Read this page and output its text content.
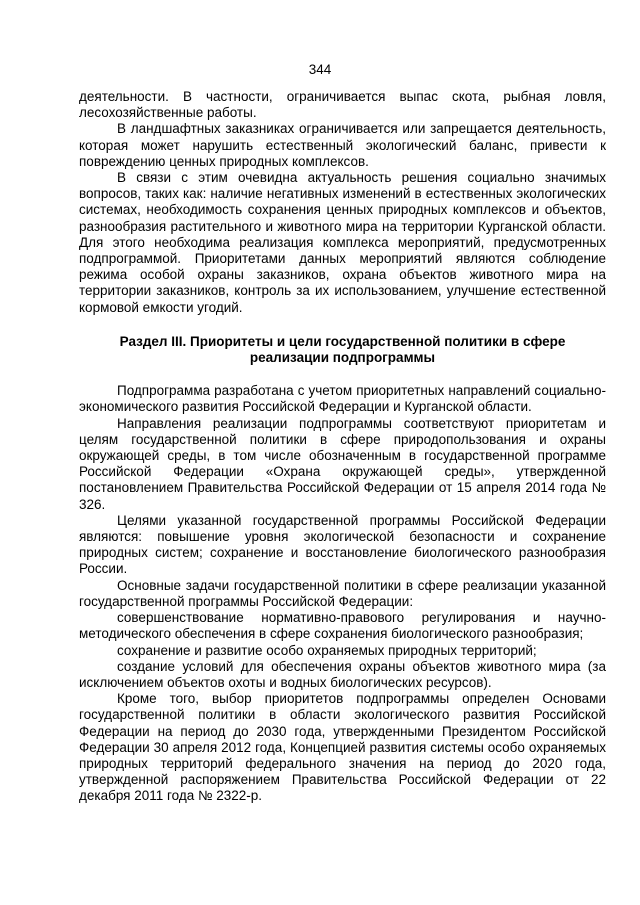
344

деятельности. В частности, ограничивается выпас скота, рыбная ловля, лесохозяйственные работы.

В ландшафтных заказниках ограничивается или запрещается деятельность, которая может нарушить естественный экологический баланс, привести к повреждению ценных природных комплексов.

В связи с этим очевидна актуальность решения социально значимых вопросов, таких как: наличие негативных изменений в естественных экологических системах, необходимость сохранения ценных природных комплексов и объектов, разнообразия растительного и животного мира на территории Курганской области. Для этого необходима реализация комплекса мероприятий, предусмотренных подпрограммой. Приоритетами данных мероприятий являются соблюдение режима особой охраны заказников, охрана объектов животного мира на территории заказников, контроль за их использованием, улучшение естественной кормовой емкости угодий.

Раздел III. Приоритеты и цели государственной политики в сфере реализации подпрограммы

Подпрограмма разработана с учетом приоритетных направлений социально-экономического развития Российской Федерации и Курганской области.

Направления реализации подпрограммы соответствуют приоритетам и целям государственной политики в сфере природопользования и охраны окружающей среды, в том числе обозначенным в государственной программе Российской Федерации «Охрана окружающей среды», утвержденной постановлением Правительства Российской Федерации от 15 апреля 2014 года № 326.

Целями указанной государственной программы Российской Федерации являются: повышение уровня экологической безопасности и сохранение природных систем; сохранение и восстановление биологического разнообразия России.

Основные задачи государственной политики в сфере реализации указанной государственной программы Российской Федерации:

совершенствование нормативно-правового регулирования и научно-методического обеспечения в сфере сохранения биологического разнообразия;

сохранение и развитие особо охраняемых природных территорий;

создание условий для обеспечения охраны объектов животного мира (за исключением объектов охоты и водных биологических ресурсов).

Кроме того, выбор приоритетов подпрограммы определен Основами государственной политики в области экологического развития Российской Федерации на период до 2030 года, утвержденными Президентом Российской Федерации 30 апреля 2012 года, Концепцией развития системы особо охраняемых природных территорий федерального значения на период до 2020 года, утвержденной распоряжением Правительства Российской Федерации от 22 декабря 2011 года № 2322-р.
